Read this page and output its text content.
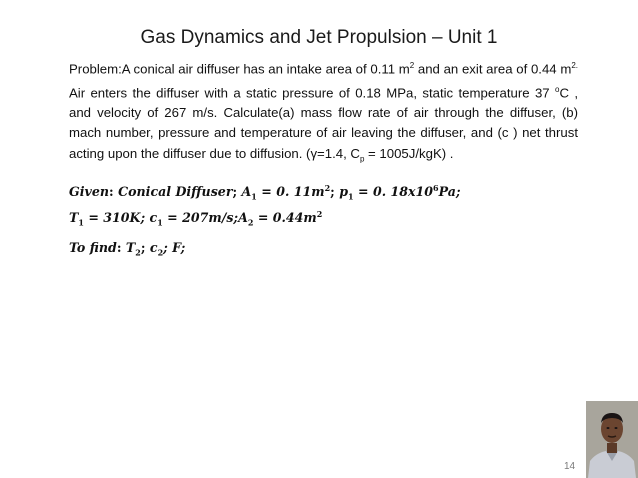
Gas Dynamics and Jet Propulsion – Unit 1
Problem:A conical air diffuser has an intake area of 0.11 $m^2$ and an exit area of 0.44 $m^{2.}$ Air enters the diffuser with a static pressure of 0.18 MPa, static temperature 37 $^o$C , and velocity of 267 m/s. Calculate(a) mass flow rate of air through the diffuser, (b) mach number, pressure and temperature of air leaving the diffuser, and (c ) net thrust acting upon the diffuser due to diffusion. (γ=1.4, $C_p = 1005J/kgK$) .
Given: Conical Diffuser; $A_1 = 0$. $11m^2$; $p_1 = 0$. $18x10^6Pa$;
$T_1 = 310K$; $c_1$ = $207m/s;A_2 = 0.44m^2$
To find: $T_2$; $c_2$; F;
14
